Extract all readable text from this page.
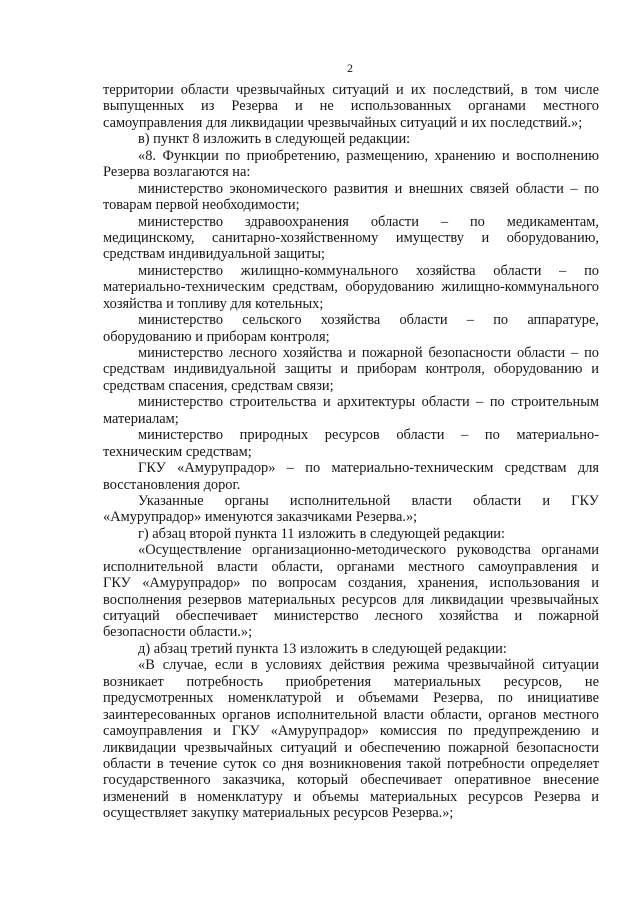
2
территории области чрезвычайных ситуаций и их последствий, в том числе
выпущенных из Резерва и не использованных органами местного
самоуправления для ликвидации чрезвычайных ситуаций и их последствий.»;
в) пункт 8 изложить в следующей редакции:
«8. Функции по приобретению, размещению, хранению и восполнению
Резерва возлагаются на:
министерство экономического развития и внешних связей области – по
товарам первой необходимости;
министерство здравоохранения области – по медикаментам,
медицинскому, санитарно-хозяйственному имуществу и оборудованию,
средствам индивидуальной защиты;
министерство жилищно-коммунального хозяйства области – по
материально-техническим средствам, оборудованию жилищно-коммунального
хозяйства и топливу для котельных;
министерство сельского хозяйства области – по аппаратуре,
оборудованию и приборам контроля;
министерство лесного хозяйства и пожарной безопасности области – по
средствам индивидуальной защиты и приборам контроля, оборудованию и
средствам спасения, средствам связи;
министерство строительства и архитектуры области – по строительным
материалам;
министерство природных ресурсов области – по материально-
техническим средствам;
ГКУ «Амурупрадор» – по материально-техническим средствам для
восстановления дорог.
Указанные органы исполнительной власти области и ГКУ
«Амурупрадор» именуются заказчиками Резерва.»;
г) абзац второй пункта 11 изложить в следующей редакции:
«Осуществление организационно-методического руководства органами
исполнительной власти области, органами местного самоуправления и
ГКУ «Амурупрадор» по вопросам создания, хранения, использования и
восполнения резервов материальных ресурсов для ликвидации чрезвычайных
ситуаций обеспечивает министерство лесного хозяйства и пожарной
безопасности области.»;
д) абзац третий пункта 13 изложить в следующей редакции:
«В случае, если в условиях действия режима чрезвычайной ситуации
возникает потребность приобретения материальных ресурсов, не
предусмотренных номенклатурой и объемами Резерва, по инициативе
заинтересованных органов исполнительной власти области, органов местного
самоуправления и ГКУ «Амурупрадор» комиссия по предупреждению и
ликвидации чрезвычайных ситуаций и обеспечению пожарной безопасности
области в течение суток со дня возникновения такой потребности определяет
государственного заказчика, который обеспечивает оперативное внесение
изменений в номенклатуру и объемы материальных ресурсов Резерва и
осуществляет закупку материальных ресурсов Резерва.»;
